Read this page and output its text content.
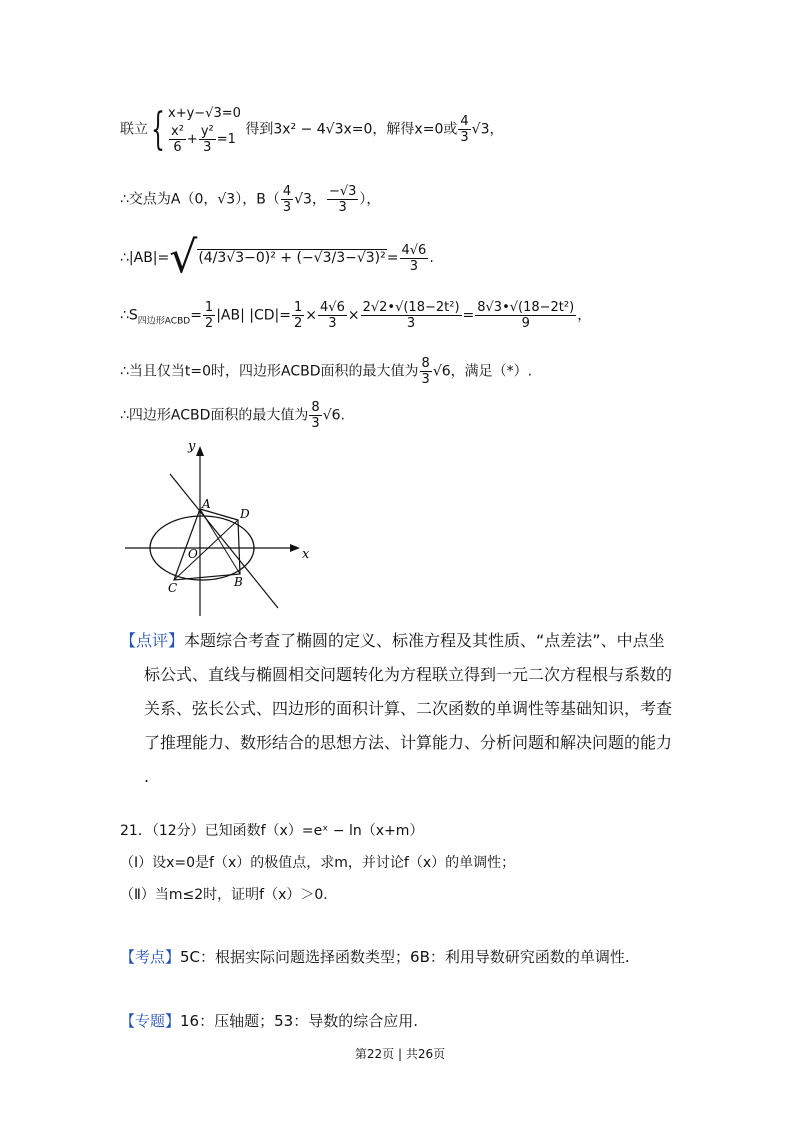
联立{ x+y−√3=0
$\frac{\text{x²}}{6} + \frac{\text{y²}}{3} =1$
得到3x² − 4√3x=0，解得x=0或 $\frac{4}{3} √3$，
∴交点为A（0，√3），$B( \frac{4}{3} √3$， $\frac{-√3}{3}$ ），
∴|AB|=√(4/3√3−0)² + $(-√3/3-√3)^2= \frac{4√6}{3}$ .
$\therefore S_{四边形ACBD}= \frac{1}{2} |AB|$ $|CD|= \frac{1}{2} \times \frac{4√6}{3} \times \frac{\text{2√2•√(18−2t²)}}{3} = \frac{\text{8√3•√(18−2t²)}}{9}$ ，
∴当且仅当t=0时，四边形ACBD面积的最大值为 $\frac{8}{3} √6$，满足（*）.
∴四边形ACBD面积的最大值为 $\frac{8}{3} √6$.
y
x
A
D
O
B
C
【点评】本题综合考查了椭圆的定义、标准方程及其性质、“点差法”、中点坐
标公式、直线与椭圆相交问题转化为方程联立得到一元二次方程根与系数的
关系、弦长公式、四边形的面积计算、二次函数的单调性等基础知识，考查
了推理能力、数形结合的思想方法、计算能力、分析问题和解决问题的能力
.
21．（12分）已知函数f（x）=eˣ − ln（x+m）
（Ⅰ）设x=0是f（x）的极值点，求m，并讨论f（x）的单调性；
（Ⅱ）当m≤2时，证明f（x）＞0.
【考点】5C：根据实际问题选择函数类型；6B：利用导数研究函数的单调性.
【专题】16：压轴题；53：导数的综合应用.
第22页 | 共26页
